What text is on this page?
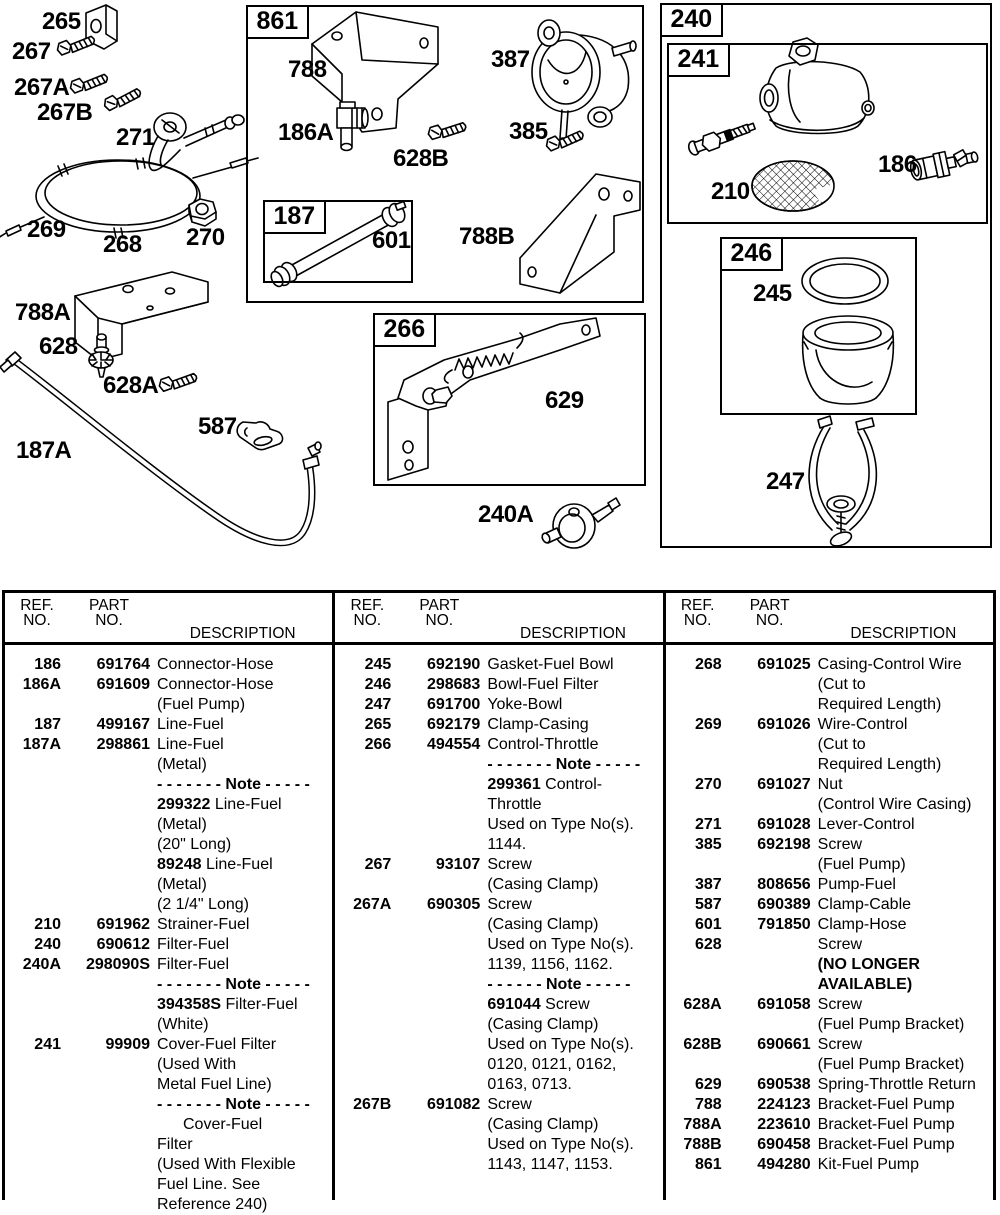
265
267
267A
267B
271
269
268 270
788
186A
628B
601
387
385
788B
788A
628
628A
587
187A
240A
629
210
186
245
247
861
187
240
241
246
266
REF.
NO.
PART
NO.
DESCRIPTION
186	691764 Connector-Hose
186A	691609 Connector-Hose
(Fuel Pump)
187	499167 Line-Fuel
187A	298861 Line-Fuel
(Metal)
- - - - - - - Note - - - - -
299322 Line-Fuel
(Metal)
(20" Long)
89248 Line-Fuel
(Metal)
(2 1/4" Long)
210	691962 Strainer-Fuel
240	690612 Filter-Fuel
240A	298090S Filter-Fuel
- - - - - - - Note - - - - -
394358S Filter-Fuel
(White)
241	99909 Cover-Fuel Filter
(Used With
Metal Fuel Line)
- - - - - - - Note - - - - -
Cover-Fuel
Filter
(Used With Flexible
Fuel Line. See
Reference 240)
REF.
NO.
PART
NO.
DESCRIPTION
245	692190 Gasket-Fuel Bowl
246	298683 Bowl-Fuel Filter
247	691700 Yoke-Bowl
265	692179 Clamp-Casing
266	494554 Control-Throttle
- - - - - - - Note - - - - -
299361 Control-
Throttle
Used on Type No(s).
1144.
267	93107 Screw
(Casing Clamp)
267A	690305 Screw
(Casing Clamp)
Used on Type No(s).
1139, 1156, 1162.
- - - - - - Note - - - - -
691044 Screw
(Casing Clamp)
Used on Type No(s).
0120, 0121, 0162,
0163, 0713.
267B	691082 Screw
(Casing Clamp)
Used on Type No(s).
1143, 1147, 1153.
REF.
NO.
PART
NO.
DESCRIPTION
268	691025 Casing-Control Wire
(Cut to
Required Length)
269	691026 Wire-Control
(Cut to
Required Length)
270	691027 Nut
(Control Wire Casing)
271	691028 Lever-Control
385	692198 Screw
(Fuel Pump)
387	808656 Pump-Fuel
587	690389 Clamp-Cable
601	791850 Clamp-Hose
628	Screw
(NO LONGER
AVAILABLE)
628A	691058 Screw
(Fuel Pump Bracket)
628B	690661 Screw
(Fuel Pump Bracket)
629	690538 Spring-Throttle Return
788	224123 Bracket-Fuel Pump
788A	223610 Bracket-Fuel Pump
788B	690458 Bracket-Fuel Pump
861	494280 Kit-Fuel Pump
